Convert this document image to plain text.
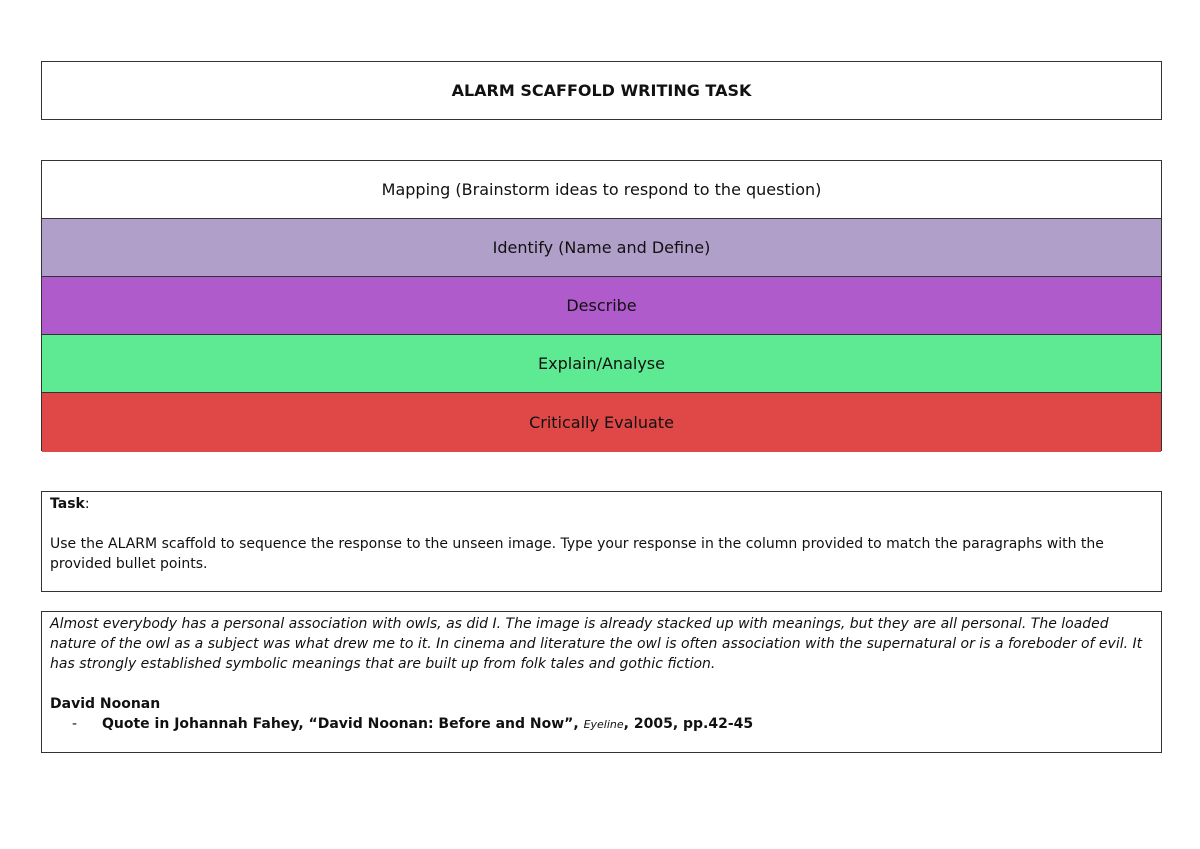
ALARM SCAFFOLD WRITING TASK
Mapping (Brainstorm ideas to respond to the question)
Identify (Name and Define)
Describe
Explain/Analyse
Critically Evaluate

Task:

Use the ALARM scaffold to sequence the response to the unseen image. Type your response in the column provided to match the paragraphs with the provided bullet points.

Almost everybody has a personal association with owls, as did I. The image is already stacked up with meanings, but they are all personal. The loaded nature of the owl as a subject was what drew me to it. In cinema and literature the owl is often association with the supernatural or is a foreboder of evil. It has strongly established symbolic meanings that are built up from folk tales and gothic fiction.

David Noonan

- Quote in Johannah Fahey, “David Noonan: Before and Now”, Eyeline, 2005, pp.42-45
